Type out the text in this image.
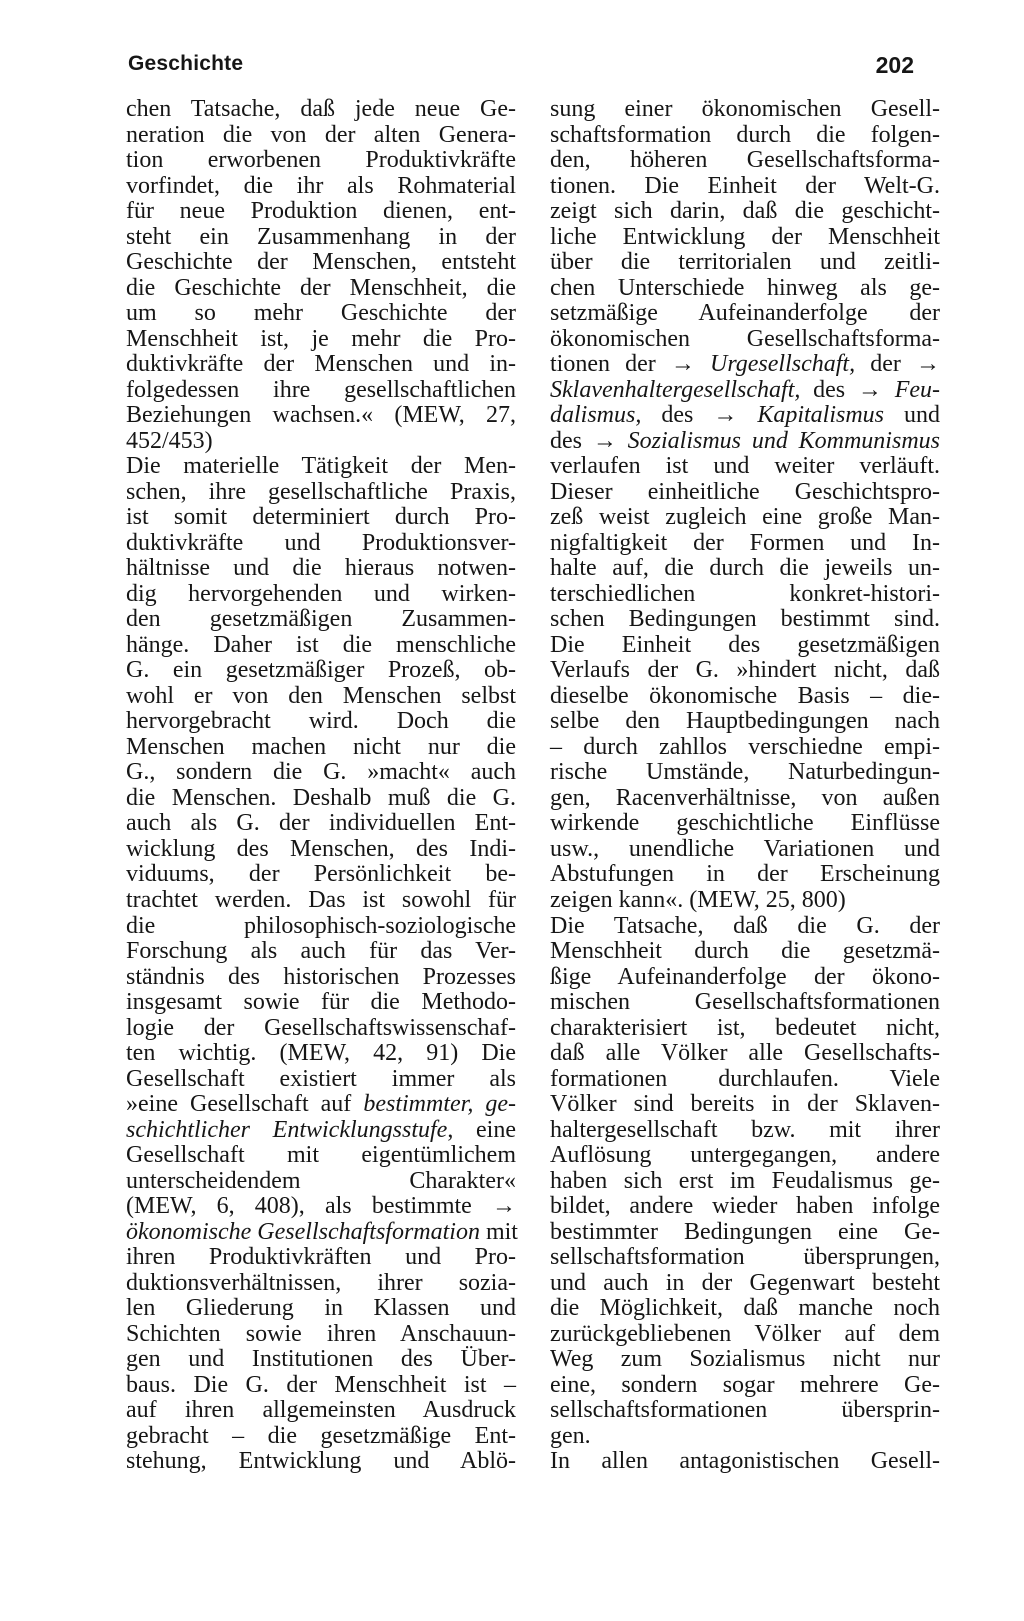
Geschichte	202
chen Tatsache, daß jede neue Ge-
neration die von der alten Genera-
tion erworbenen Produktivkräfte
vorfindet, die ihr als Rohmaterial
für neue Produktion dienen, ent-
steht ein Zusammenhang in der
Geschichte der Menschen, entsteht
die Geschichte der Menschheit, die
um so mehr Geschichte der
Menschheit ist, je mehr die Pro-
duktivkräfte der Menschen und in-
folgedessen ihre gesellschaftlichen
Beziehungen wachsen.« (MEW, 27,
452/453)
Die materielle Tätigkeit der Men-
schen, ihre gesellschaftliche Praxis,
ist somit determiniert durch Pro-
duktivkräfte und Produktionsver-
hältnisse und die hieraus notwen-
dig hervorgehenden und wirken-
den gesetzmäßigen Zusammen-
hänge. Daher ist die menschliche
G. ein gesetzmäßiger Prozeß, ob-
wohl er von den Menschen selbst
hervorgebracht wird. Doch die
Menschen machen nicht nur die
G., sondern die G. »macht« auch
die Menschen. Deshalb muß die G.
auch als G. der individuellen Ent-
wicklung des Menschen, des Indi-
viduums, der Persönlichkeit be-
trachtet werden. Das ist sowohl für
die philosophisch-soziologische
Forschung als auch für das Ver-
ständnis des historischen Prozesses
insgesamt sowie für die Methodo-
logie der Gesellschaftswissenschaf-
ten wichtig. (MEW, 42, 91) Die
Gesellschaft existiert immer als
»eine Gesellschaft auf bestimmter, ge-
schichtlicher Entwicklungsstufe, eine
Gesellschaft mit eigentümlichem
unterscheidendem Charakter«
(MEW, 6, 408), als bestimmte →
ökonomische Gesellschaftsformation mit
ihren Produktivkräften und Pro-
duktionsverhältnissen, ihrer sozia-
len Gliederung in Klassen und
Schichten sowie ihren Anschauun-
gen und Institutionen des Über-
baus. Die G. der Menschheit ist –
auf ihren allgemeinsten Ausdruck
gebracht – die gesetzmäßige Ent-
stehung, Entwicklung und Ablö-
sung einer ökonomischen Gesell-
schaftsformation durch die folgen-
den, höheren Gesellschaftsforma-
tionen. Die Einheit der Welt-G.
zeigt sich darin, daß die geschicht-
liche Entwicklung der Menschheit
über die territorialen und zeitli-
chen Unterschiede hinweg als ge-
setzmäßige Aufeinanderfolge der
ökonomischen Gesellschaftsforma-
tionen der → Urgesellschaft, der →
Sklavenhaltergesellschaft, des → Feu-
dalismus, des → Kapitalismus und
des → Sozialismus und Kommunismus
verlaufen ist und weiter verläuft.
Dieser einheitliche Geschichtspro-
zeß weist zugleich eine große Man-
nigfaltigkeit der Formen und In-
halte auf, die durch die jeweils un-
terschiedlichen konkret-histori-
schen Bedingungen bestimmt sind.
Die Einheit des gesetzmäßigen
Verlaufs der G. »hindert nicht, daß
dieselbe ökonomische Basis – die-
selbe den Hauptbedingungen nach
– durch zahllos verschiedne empi-
rische Umstände, Naturbedingun-
gen, Racenverhältnisse, von außen
wirkende geschichtliche Einflüsse
usw., unendliche Variationen und
Abstufungen in der Erscheinung
zeigen kann«. (MEW, 25, 800)
Die Tatsache, daß die G. der
Menschheit durch die gesetzmä-
ßige Aufeinanderfolge der ökono-
mischen Gesellschaftsformationen
charakterisiert ist, bedeutet nicht,
daß alle Völker alle Gesellschafts-
formationen durchlaufen. Viele
Völker sind bereits in der Sklaven-
haltergesellschaft bzw. mit ihrer
Auflösung untergegangen, andere
haben sich erst im Feudalismus ge-
bildet, andere wieder haben infolge
bestimmter Bedingungen eine Ge-
sellschaftsformation übersprungen,
und auch in der Gegenwart besteht
die Möglichkeit, daß manche noch
zurückgebliebenen Völker auf dem
Weg zum Sozialismus nicht nur
eine, sondern sogar mehrere Ge-
sellschaftsformationen übersprin-
gen.
In allen antagonistischen Gesell-
